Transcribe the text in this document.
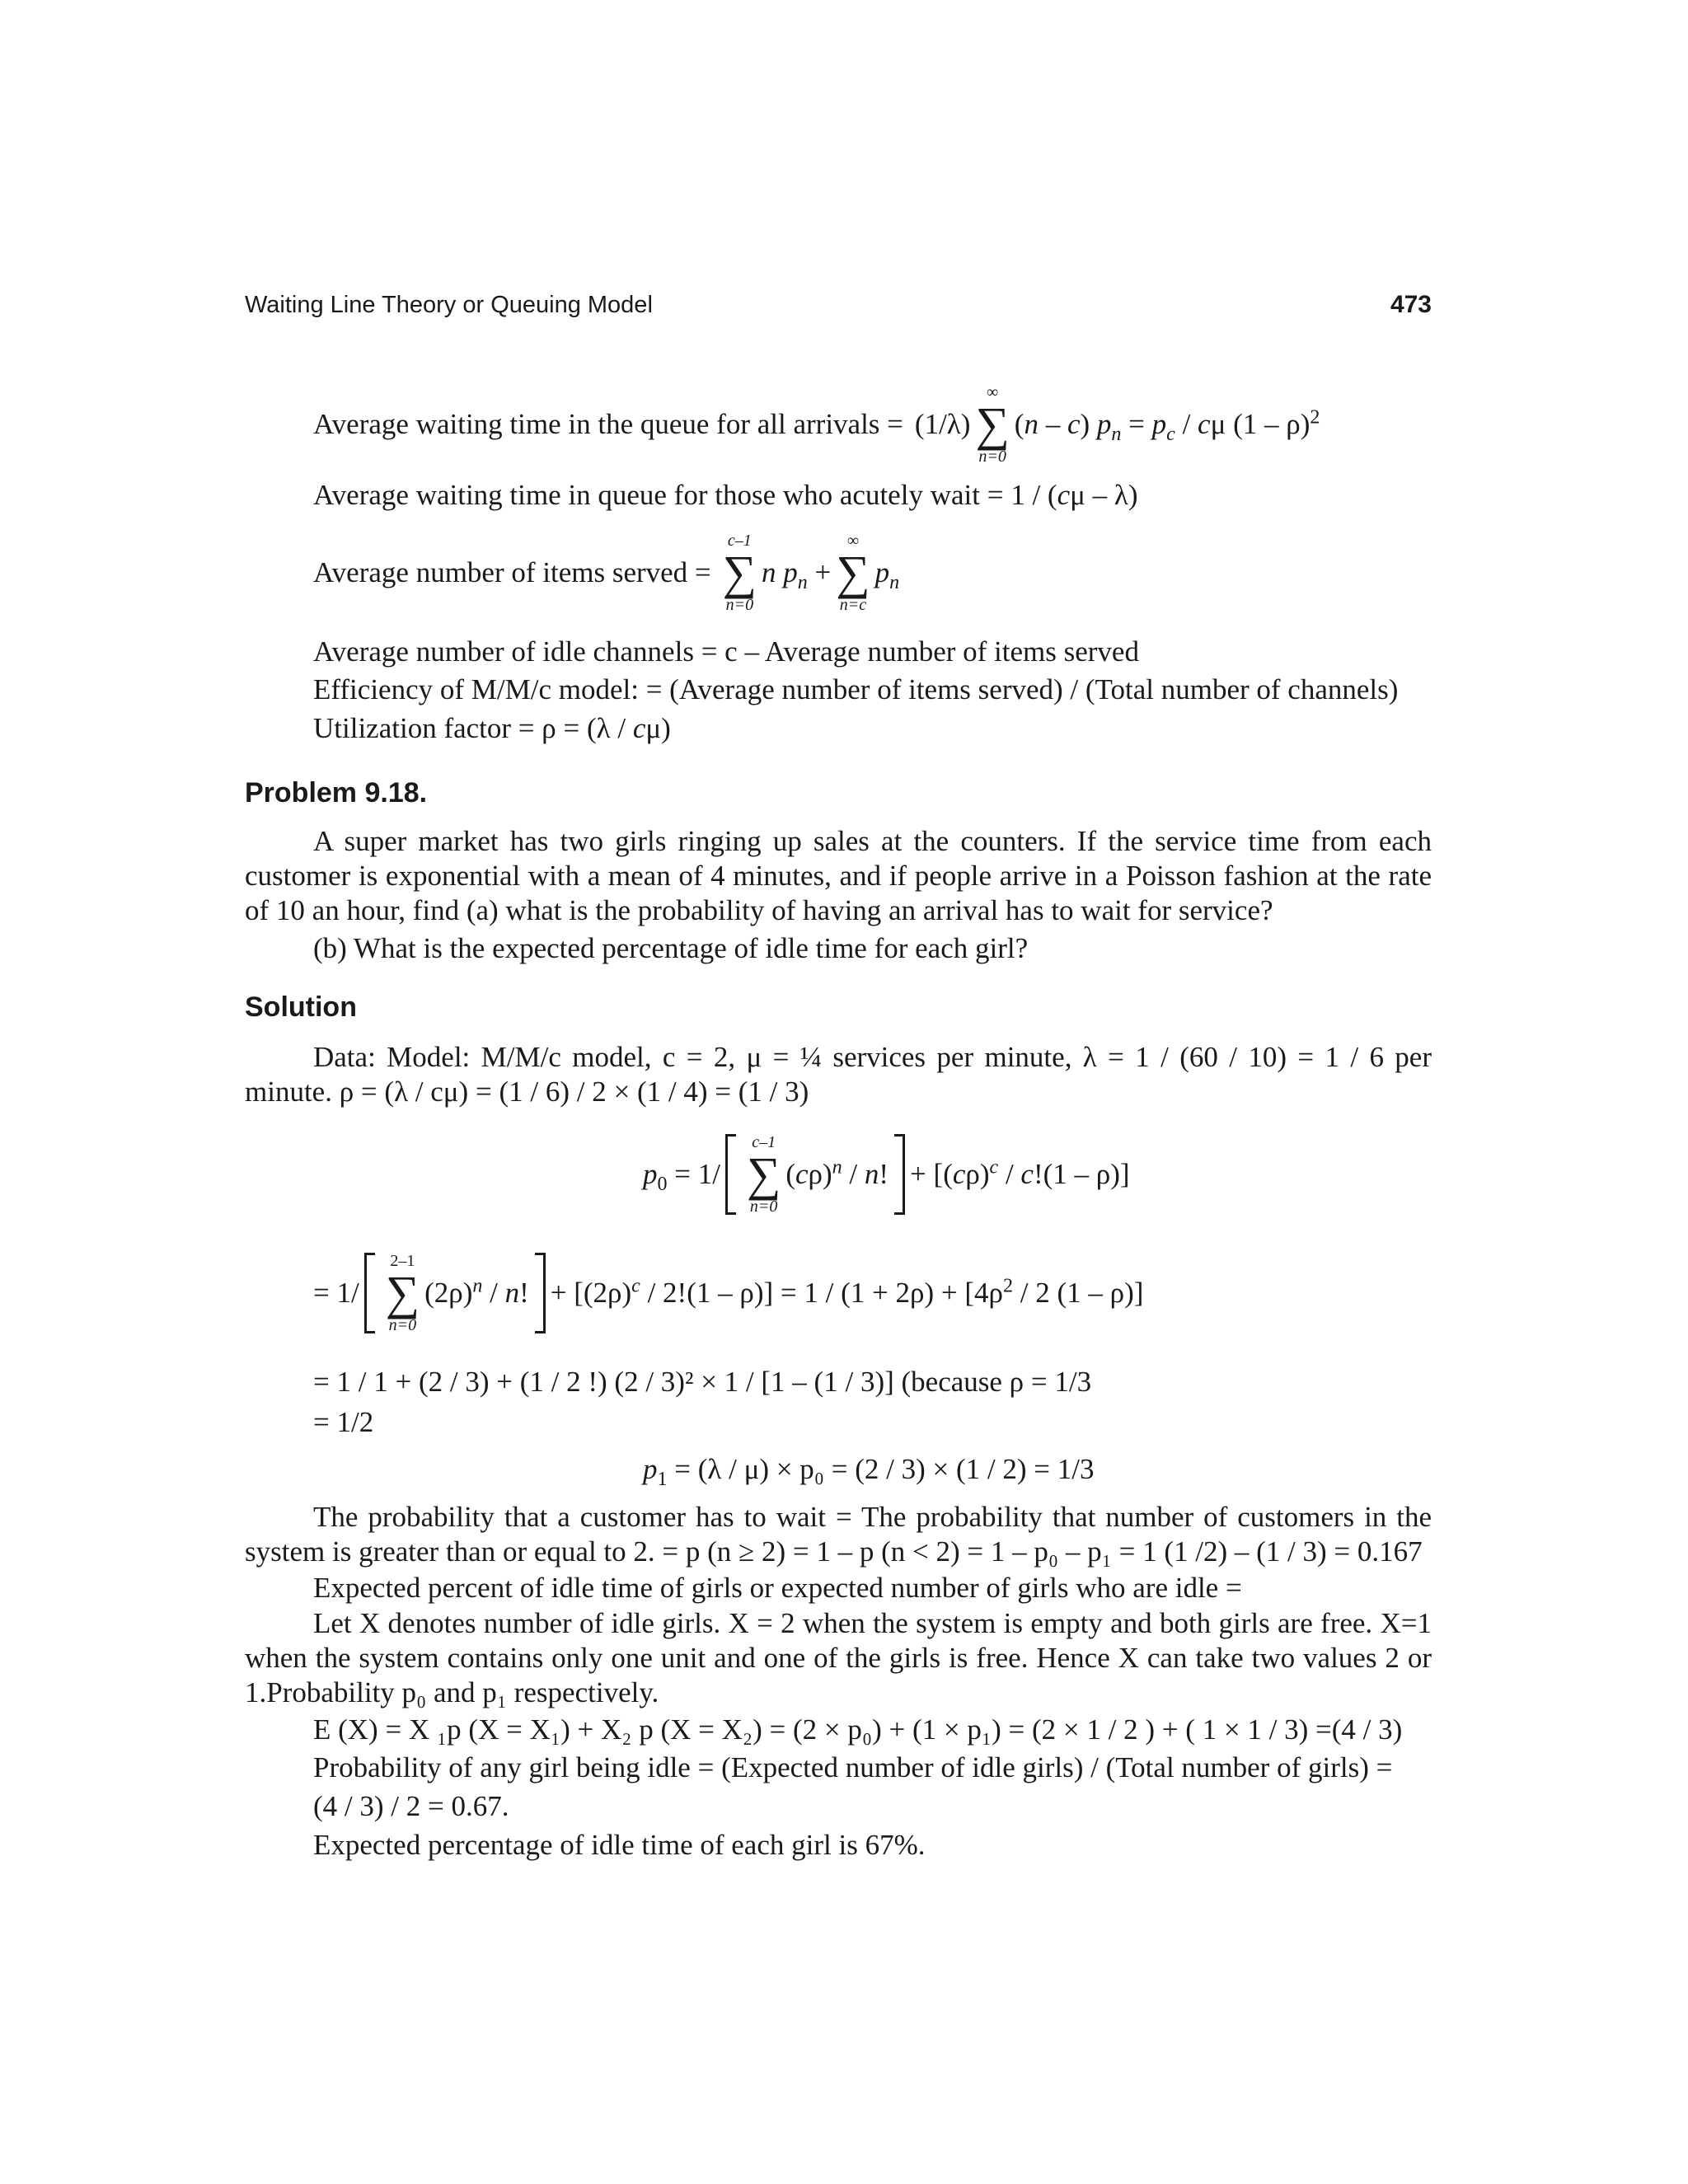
Waiting Line Theory or Queuing Model	473
Average waiting time in the queue for all arrivals = (1/λ)
∞
∑
n=0
(n – c) $p_n = p_c / c\mu$ (1 – ρ)$^2$
Average waiting time in queue for those who acutely wait = 1 / (cμ – λ)
Average number of items served =
c–1
∑
n=0
n $p_n$ +
∞
∑
n=c
$p_n$
Average number of idle channels = c – Average number of items served
Efficiency of M/M/c model: = (Average number of items served) / (Total number of channels)
Utilization factor = ρ = (λ / cμ)
Problem 9.18.
A super market has two girls ringing up sales at the counters. If the service time from each customer is exponential with a mean of 4 minutes, and if people arrive in a Poisson fashion at the rate of 10 an hour, find (a) what is the probability of having an arrival has to wait for service?
(b) What is the expected percentage of idle time for each girl?
Solution
Data: Model: M/M/c model, c = 2, μ = ¼ services per minute, λ = 1 / (60 / 10) = 1 / 6 per minute. ρ = (λ / cμ) = (1 / 6) / 2 × (1 / 4) = (1 / 3)
$p_0 = 1/$
c–1
∑
n=0
$(c\rho)^n$ / n! + $[(c\rho)^c / c!(1 - \rho)]$
= 1/
2–1
∑
n=0
$(2\rho)^n$ / n! + $[(2\rho)^c / 2!(1 - \rho)] = 1 / (1 + 2\rho) + [4\rho^2 / 2$ (1 – ρ)]
= 1 / 1 + (2 / 3) + (1 / 2 !) (2 / 3)² × 1 / [1 – (1 / 3)] (because ρ = 1/3
= 1/2
$p_1 = (\lambda / \mu) \times p_0 = (2 / 3) \times (1 / 2) = 1/3$
The probability that a customer has to wait = The probability that number of customers in the system is greater than or equal to 2. = p (n ≥ 2) = 1 – p (n < 2) = 1 – p₀ – p₁ = 1 (1 /2) – (1 / 3) = 0.167
Expected percent of idle time of girls or expected number of girls who are idle =
Let X denotes number of idle girls. X = 2 when the system is empty and both girls are free. X=1 when the system contains only one unit and one of the girls is free. Hence X can take two values 2 or 1.Probability p₀ and p₁ respectively.
E (X) = X ₁p (X = X₁) + X₂ p (X = X₂) = (2 × p₀) + (1 × p₁) = (2 × 1 / 2 ) + ( 1 × 1 / 3) =(4 / 3)
Probability of any girl being idle = (Expected number of idle girls) / (Total number of girls) =
(4 / 3) / 2 = 0.67.
Expected percentage of idle time of each girl is 67%.
